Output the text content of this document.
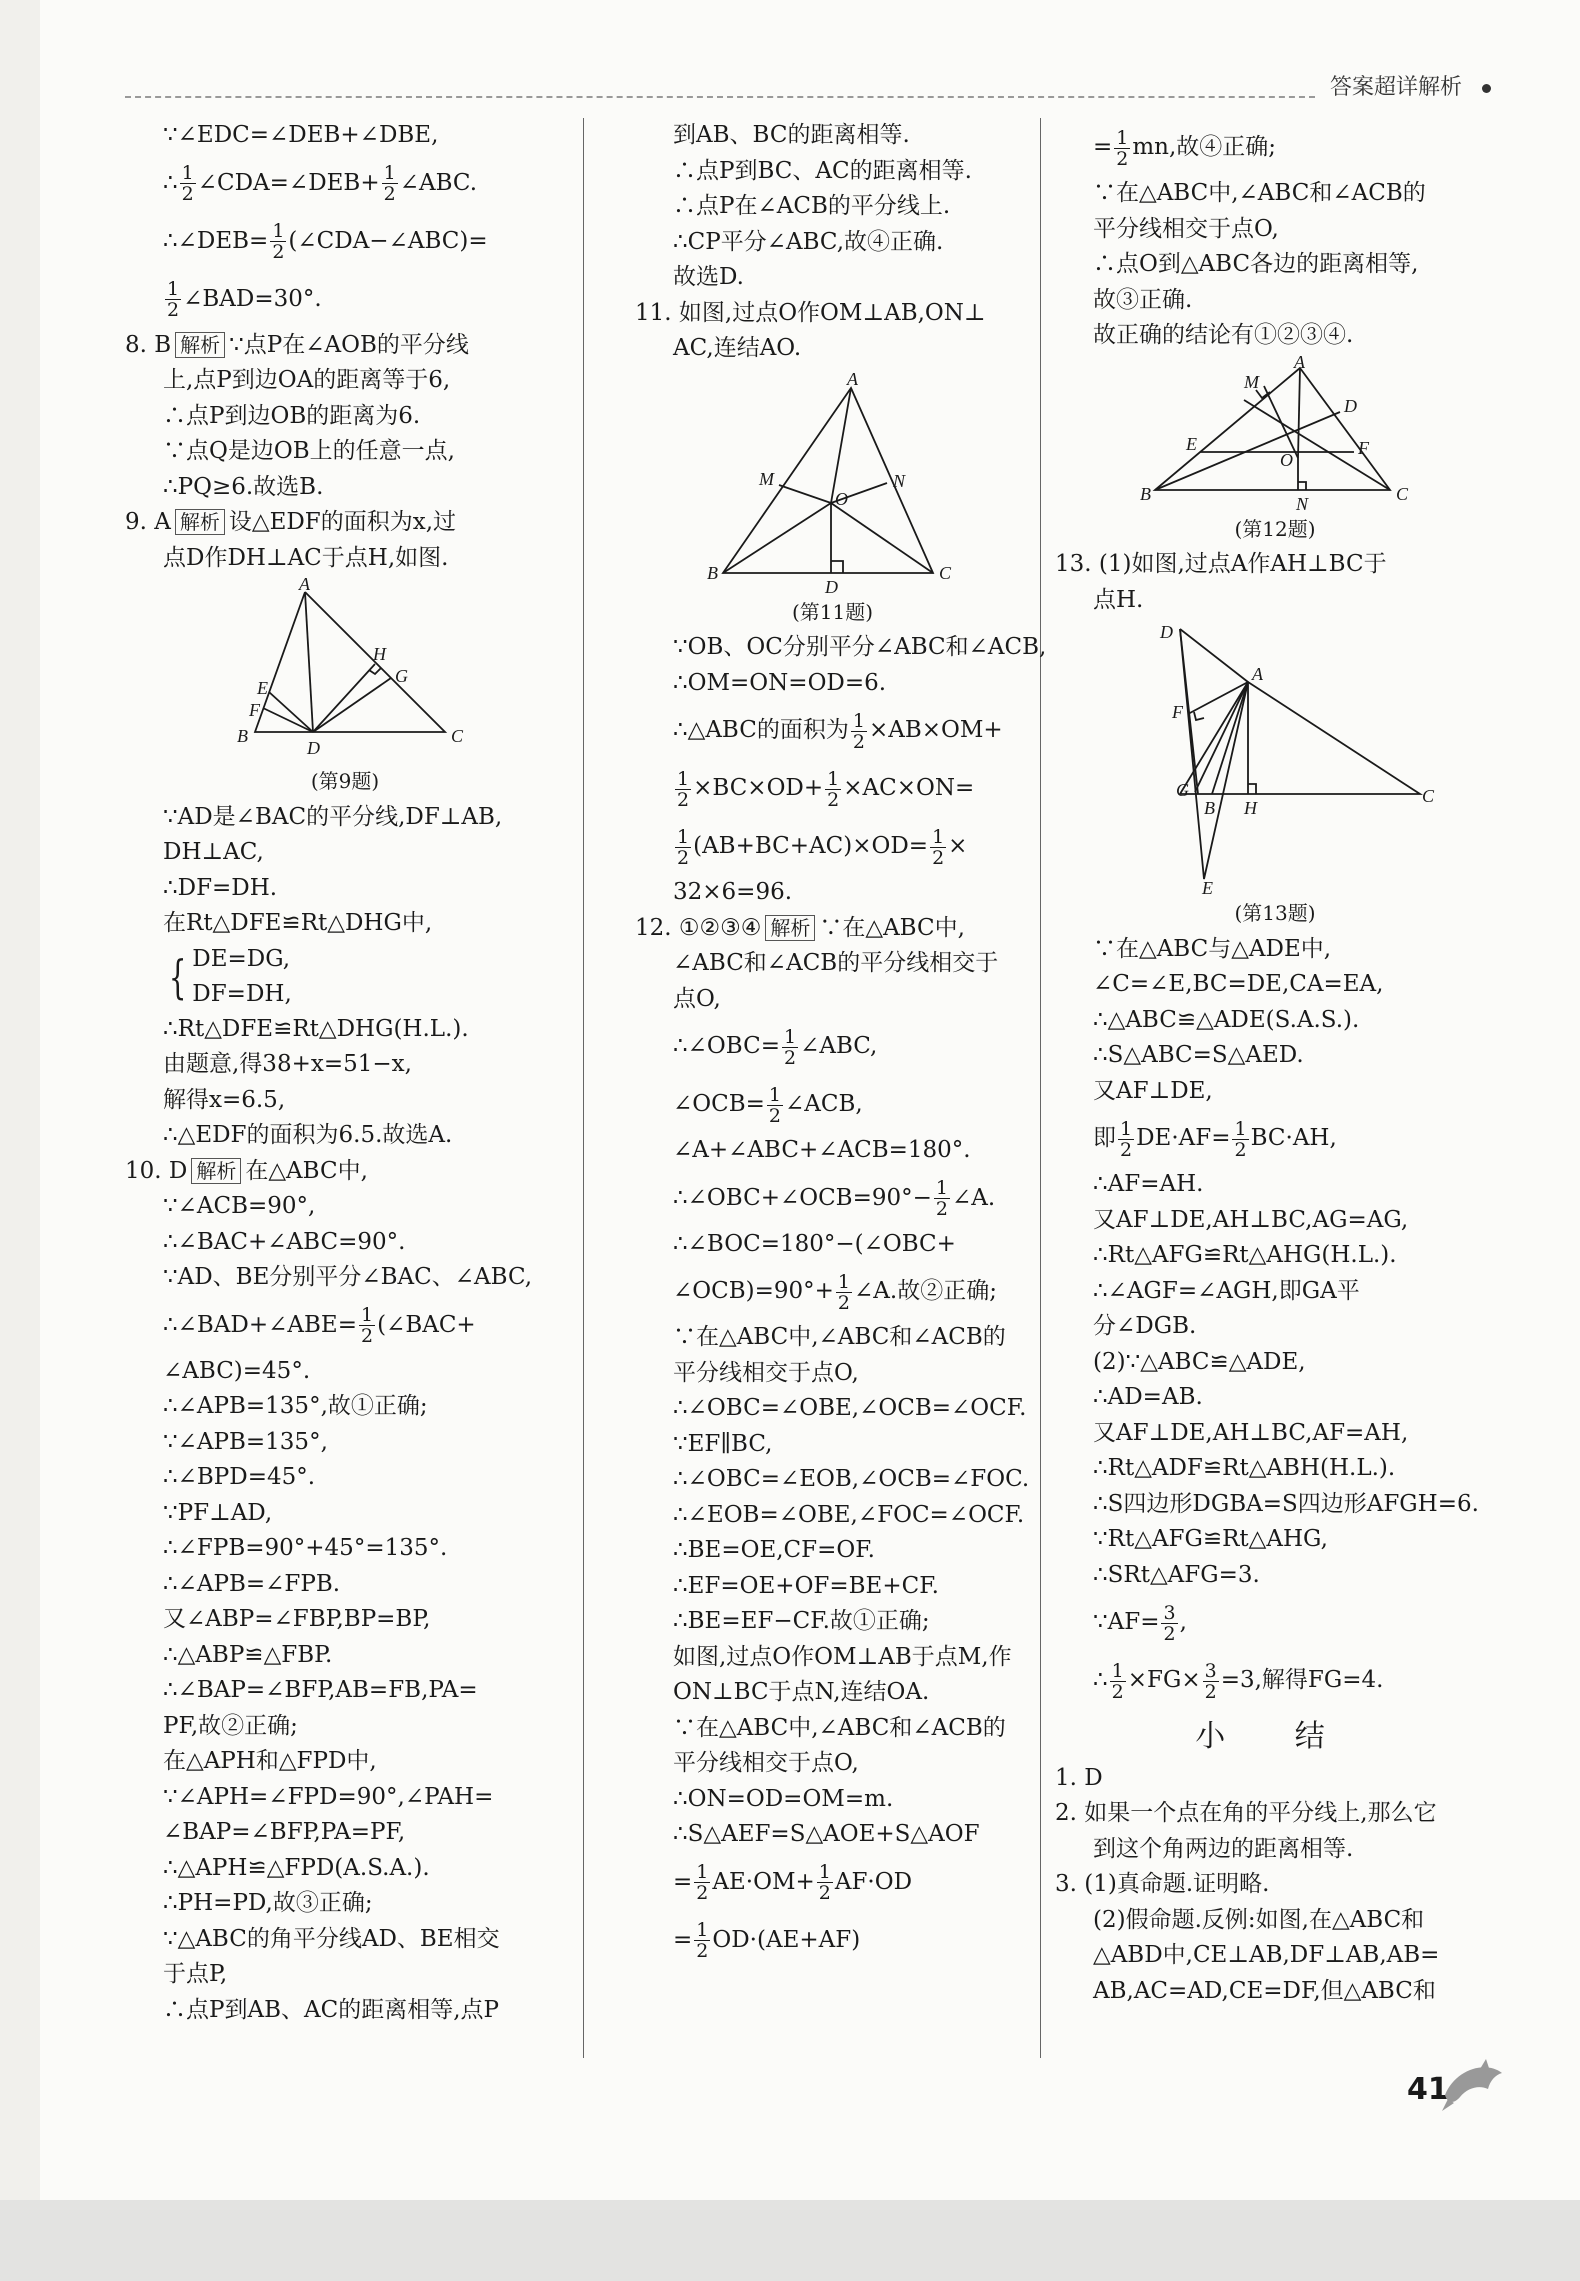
答案超详解析
∵∠EDC=∠DEB+∠DBE,
∴ $\frac{1}{2}$ ∠CDA=∠DEB+ $\frac{1}{2}$ ∠ABC.
∴∠DEB= $\frac{1}{2}$ (∠CDA−∠ABC)=
$\frac{1}{2}$ ∠BAD=30°.
8. B 解析 ∵点P在∠AOB的平分线
上,点P到边OA的距离等于6,
∴点P到边OB的距离为6.
∵点Q是边OB上的任意一点,
∴PQ≥6.故选B.
9. A 解析 设△EDF的面积为x,过
点D作DH⊥AC于点H,如图.
A
E
F
B
D
H
G
C
(第9题)
∵AD是∠BAC的平分线,DF⊥AB,
DH⊥AC,
∴DF=DH.
在Rt△DFE≌Rt△DHG中,
{ DE=DG,
DF=DH,
∴Rt△DFE≌Rt△DHG(H.L.).
由题意,得38+x=51−x,
解得x=6.5,
∴△EDF的面积为6.5.故选A.
10. D 解析 在△ABC中,
∵∠ACB=90°,
∴∠BAC+∠ABC=90°.
∵AD、BE分别平分∠BAC、∠ABC,
∴∠BAD+∠ABE= $\frac{1}{2}$ (∠BAC+
∠ABC)=45°.
∴∠APB=135°,故①正确;
∵∠APB=135°,
∴∠BPD=45°.
∵PF⊥AD,
∴∠FPB=90°+45°=135°.
∴∠APB=∠FPB.
又∠ABP=∠FBP,BP=BP,
∴△ABP≌△FBP.
∴∠BAP=∠BFP,AB=FB,PA=
PF,故②正确;
在△APH和△FPD中,
∵∠APH=∠FPD=90°,∠PAH=
∠BAP=∠BFP,PA=PF,
∴△APH≌△FPD(A.S.A.).
∴PH=PD,故③正确;
∵△ABC的角平分线AD、BE相交
于点P,
∴点P到AB、AC的距离相等,点P
到AB、BC的距离相等.
∴点P到BC、AC的距离相等.
∴点P在∠ACB的平分线上.
∴CP平分∠ABC,故④正确.
故选D.
11. 如图,过点O作OM⊥AB,ON⊥
AC,连结AO.
A
M
O
N
B
D
C
(第11题)
∵OB、OC分别平分∠ABC和∠ACB,
∴OM=ON=OD=6.
∴△ABC的面积为 $\frac{1}{2} \times AB\times OM+$
$\frac{1}{2} \times BC\times OD+ \frac{1}{2} \times AC\times ON=$
$\frac{1}{2} (AB+BC+AC)\times OD= \frac{1}{2}$ ×
32×6=96.
12. ①②③④ 解析 ∵在△ABC中,
∠ABC和∠ACB的平分线相交于
点O,
∴∠OBC= $\frac{1}{2}$ ∠ABC,
∠OCB= $\frac{1}{2}$ ∠ACB,
∠A+∠ABC+∠ACB=180°.
∴∠OBC+∠OCB=90°− $\frac{1}{2}$ ∠A.
∴∠BOC=180°−(∠OBC+
∠OCB)=90°+ $\frac{1}{2}$ ∠A.故②正确;
∵在△ABC中,∠ABC和∠ACB的
平分线相交于点O,
∴∠OBC=∠OBE,∠OCB=∠OCF.
∵EF∥BC,
∴∠OBC=∠EOB,∠OCB=∠FOC.
∴∠EOB=∠OBE,∠FOC=∠OCF.
∴BE=OE,CF=OF.
∴EF=OE+OF=BE+CF.
∴BE=EF−CF.故①正确;
如图,过点O作OM⊥AB于点M,作
ON⊥BC于点N,连结OA.
∵在△ABC中,∠ABC和∠ACB的
平分线相交于点O,
∴ON=OD=OM=m.
∴S△AEF=S△AOE+S△AOF
= $\frac{1}{2} AE\cdot OM+ \frac{1}{2} AF\cdot OD$
= $\frac{1}{2} OD\cdot(AE+AF)$
= $\frac{1}{2}$ mn,故④正确;
∵在△ABC中,∠ABC和∠ACB的
平分线相交于点O,
∴点O到△ABC各边的距离相等,
故③正确.
故正确的结论有①②③④.
A
M
D
E	F
O
B	N	C
(第12题)
13. (1)如图,过点A作AH⊥BC于
点H.
D
A
F
G
B H
C
E
(第13题)
∵在△ABC与△ADE中,
∠C=∠E,BC=DE,CA=EA,
∴△ABC≌△ADE(S.A.S.).
∴S△ABC=S△AED.
又AF⊥DE,
即 $\frac{1}{2} DE\cdot AF= \frac{1}{2} BC\cdot AH$,
∴AF=AH.
又AF⊥DE,AH⊥BC,AG=AG,
∴Rt△AFG≌Rt△AHG(H.L.).
∴∠AGF=∠AGH,即GA平
分∠DGB.
(2)∵△ABC≌△ADE,
∴AD=AB.
又AF⊥DE,AH⊥BC,AF=AH,
∴Rt△ADF≌Rt△ABH(H.L.).
∴S四边形DGBA=S四边形AFGH=6.
∵Rt△AFG≌Rt△AHG,
∴SRt△AFG=3.
∵AF= $\frac{3}{2}$ ,
∴ $\frac{1}{2} \times FG\times \frac{3}{2} =3$,解得FG=4.
小 结
1. D
2. 如果一个点在角的平分线上,那么它
到这个角两边的距离相等.
3. (1)真命题.证明略.
(2)假命题.反例:如图,在△ABC和
△ABD中,CE⊥AB,DF⊥AB,AB=
AB,AC=AD,CE=DF,但△ABC和
41
